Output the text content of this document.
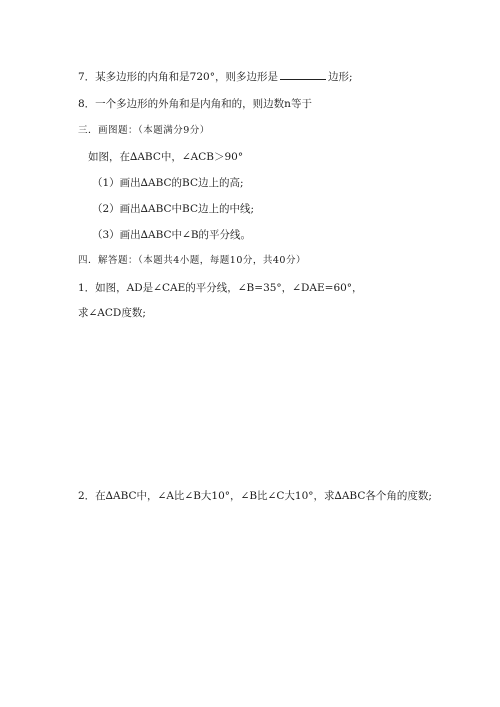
7．某多边形的内角和是720°，则多边形是	边形;
8．一个多边形的外角和是内角和的，则边数n等于
三．画图题：（本题满分9分）
如图，在∆ABC中，∠ACB＞90°
（1）画出∆ABC的BC边上的高;
（2）画出∆ABC中BC边上的中线;
（3）画出∆ABC中∠B的平分线。
四．解答题：（本题共4小题，每题10分，共40分）
1．如图，AD是∠CAE的平分线，∠B=35°，∠DAE=60°，
求∠ACD度数;
2．在∆ABC中，∠A比∠B大10°，∠B比∠C大10°，求∆ABC各个角的度数;
